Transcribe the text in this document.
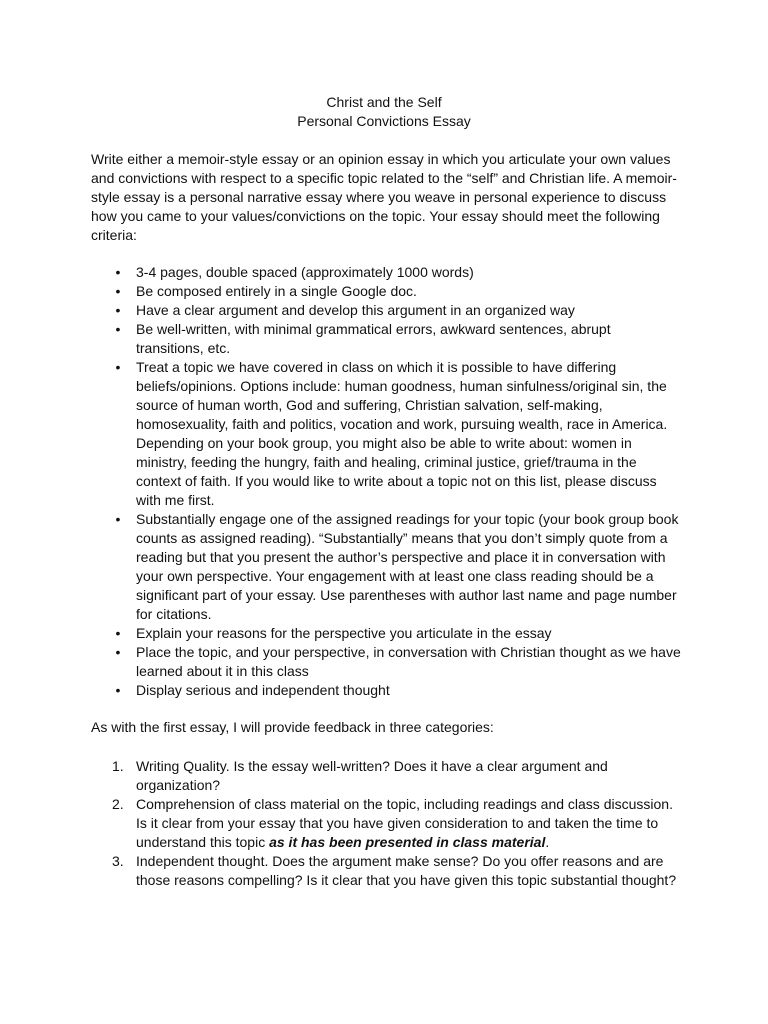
Christ and the Self
Personal Convictions Essay

Write either a memoir-style essay or an opinion essay in which you articulate your own values and convictions with respect to a specific topic related to the “self” and Christian life. A memoir-style essay is a personal narrative essay where you weave in personal experience to discuss how you came to your values/convictions on the topic. Your essay should meet the following criteria:

• 3-4 pages, double spaced (approximately 1000 words)
• Be composed entirely in a single Google doc.
• Have a clear argument and develop this argument in an organized way
• Be well-written, with minimal grammatical errors, awkward sentences, abrupt transitions, etc.
• Treat a topic we have covered in class on which it is possible to have differing beliefs/opinions. Options include: human goodness, human sinfulness/original sin, the source of human worth, God and suffering, Christian salvation, self-making, homosexuality, faith and politics, vocation and work, pursuing wealth, race in America. Depending on your book group, you might also be able to write about: women in ministry, feeding the hungry, faith and healing, criminal justice, grief/trauma in the context of faith. If you would like to write about a topic not on this list, please discuss with me first.
• Substantially engage one of the assigned readings for your topic (your book group book counts as assigned reading). “Substantially” means that you don’t simply quote from a reading but that you present the author’s perspective and place it in conversation with your own perspective. Your engagement with at least one class reading should be a significant part of your essay. Use parentheses with author last name and page number for citations.
• Explain your reasons for the perspective you articulate in the essay
• Place the topic, and your perspective, in conversation with Christian thought as we have learned about it in this class
• Display serious and independent thought

As with the first essay, I will provide feedback in three categories:

1. Writing Quality. Is the essay well-written? Does it have a clear argument and organization?
2. Comprehension of class material on the topic, including readings and class discussion. Is it clear from your essay that you have given consideration to and taken the time to understand this topic as it has been presented in class material.
3. Independent thought. Does the argument make sense? Do you offer reasons and are those reasons compelling? Is it clear that you have given this topic substantial thought?
